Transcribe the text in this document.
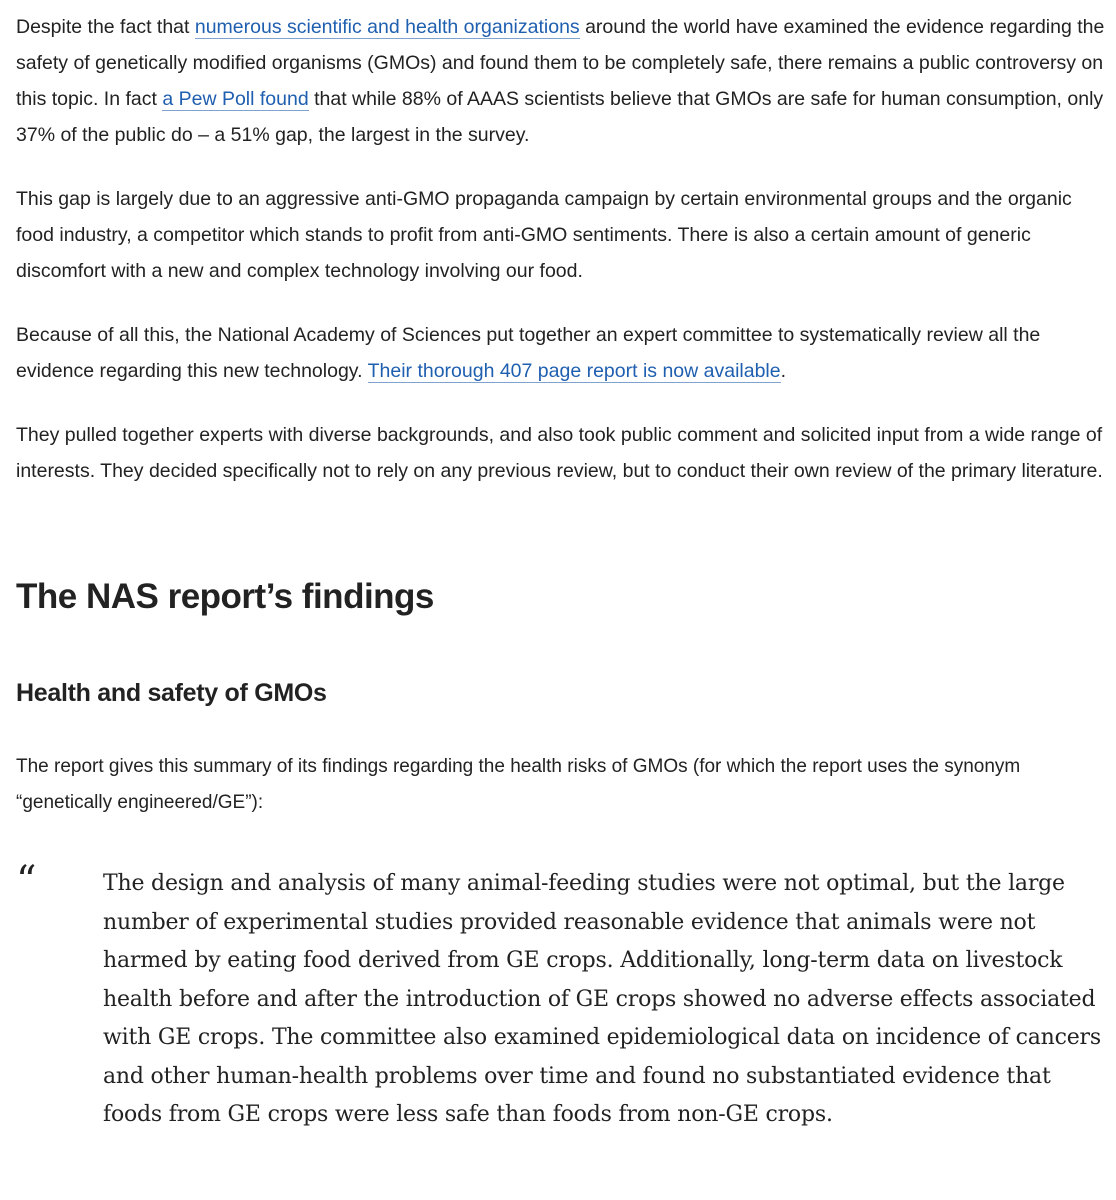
Despite the fact that numerous scientific and health organizations around the world have examined the evidence regarding the safety of genetically modified organisms (GMOs) and found them to be completely safe, there remains a public controversy on this topic. In fact a Pew Poll found that while 88% of AAAS scientists believe that GMOs are safe for human consumption, only 37% of the public do – a 51% gap, the largest in the survey.

This gap is largely due to an aggressive anti-GMO propaganda campaign by certain environmental groups and the organic food industry, a competitor which stands to profit from anti-GMO sentiments. There is also a certain amount of generic discomfort with a new and complex technology involving our food.

Because of all this, the National Academy of Sciences put together an expert committee to systematically review all the evidence regarding this new technology. Their thorough 407 page report is now available.

They pulled together experts with diverse backgrounds, and also took public comment and solicited input from a wide range of interests. They decided specifically not to rely on any previous review, but to conduct their own review of the primary literature.

The NAS report’s findings
Health and safety of GMOs

The report gives this summary of its findings regarding the health risks of GMOs (for which the report uses the synonym “genetically engineered/GE”):

“	The design and analysis of many animal-feeding studies were not optimal, but the large number of experimental studies provided reasonable evidence that animals were not harmed by eating food derived from GE crops. Additionally, long-term data on livestock health before and after the introduction of GE crops showed no adverse effects associated with GE crops. The committee also examined epidemiological data on incidence of cancers and other human-health problems over time and found no substantiated evidence that foods from GE crops were less safe than foods from non-GE crops.
